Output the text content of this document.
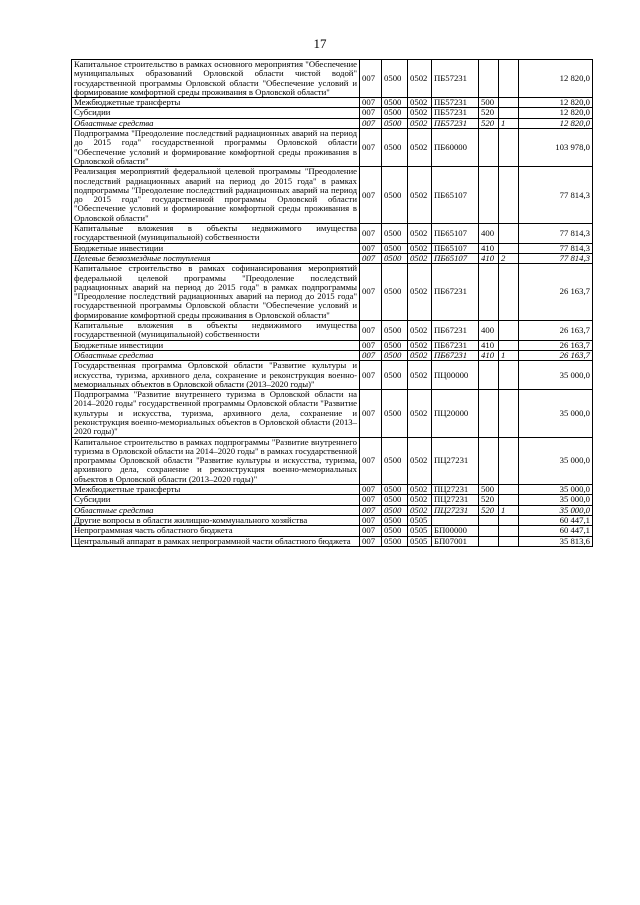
17
Капитальное строительство в рамках основного мероприятия "Обеспечение муниципальных образований Орловской области чистой водой" государственной программы Орловской области "Обеспечение условий и формирование комфортной среды проживания в Орловской области"	007	0500	0502	ПБ57231			12 820,0
Межбюджетные трансферты	007	0500	0502	ПБ57231	500		12 820,0
Субсидии	007	0500	0502	ПБ57231	520		12 820,0
Областные средства	007	0500	0502	ПБ57231	520	1	12 820,0
Подпрограмма "Преодоление последствий радиационных аварий на период до 2015 года" государственной программы Орловской области "Обеспечение условий и формирование комфортной среды проживания в Орловской области"	007	0500	0502	ПБ60000			103 978,0
Реализация мероприятий федеральной целевой программы "Преодоление последствий радиационных аварий на период до 2015 года" в рамках подпрограммы "Преодоление последствий радиационных аварий на период до 2015 года" государственной программы Орловской области "Обеспечение условий и формирование комфортной среды проживания в Орловской области"	007	0500	0502	ПБ65107			77 814,3
Капитальные вложения в объекты недвижимого имущества государственной (муниципальной) собственности	007	0500	0502	ПБ65107	400		77 814,3
Бюджетные инвестиции	007	0500	0502	ПБ65107	410		77 814,3
Целевые безвозмездные поступления	007	0500	0502	ПБ65107	410	2	77 814,3
Капитальное строительство в рамках софинансирования мероприятий федеральной целевой программы "Преодоление последствий радиационных аварий на период до 2015 года" в рамках подпрограммы "Преодоление последствий радиационных аварий на период до 2015 года" государственной программы Орловской области "Обеспечение условий и формирование комфортной среды проживания в Орловской области"	007	0500	0502	ПБ67231			26 163,7
Капитальные вложения в объекты недвижимого имущества государственной (муниципальной) собственности	007	0500	0502	ПБ67231	400		26 163,7
Бюджетные инвестиции	007	0500	0502	ПБ67231	410		26 163,7
Областные средства	007	0500	0502	ПБ67231	410	1	26 163,7
Государственная программа Орловской области "Развитие культуры и искусства, туризма, архивного дела, сохранение и реконструкция военно-мемориальных объектов в Орловской области (2013–2020 годы)"	007	0500	0502	ПЦ00000			35 000,0
Подпрограмма "Развитие внутреннего туризма в Орловской области на 2014–2020 годы" государственной программы Орловской области "Развитие культуры и искусства, туризма, архивного дела, сохранение и реконструкция военно-мемориальных объектов в Орловской области (2013–2020 годы)"	007	0500	0502	ПЦ20000			35 000,0
Капитальное строительство в рамках подпрограммы "Развитие внутреннего туризма в Орловской области на 2014–2020 годы" в рамках государственной программы Орловской области "Развитие культуры и искусства, туризма, архивного дела, сохранение и реконструкция военно-мемориальных объектов в Орловской области (2013–2020 годы)"	007	0500	0502	ПЦ27231			35 000,0
Межбюджетные трансферты	007	0500	0502	ПЦ27231	500		35 000,0
Субсидии	007	0500	0502	ПЦ27231	520		35 000,0
Областные средства	007	0500	0502	ПЦ27231	520	1	35 000,0
Другие вопросы в области жилищно-коммунального хозяйства	007	0500	0505				60 447,1
Непрограммная часть областного бюджета	007	0500	0505	БП00000			60 447,1
Центральный аппарат в рамках непрограммной части областного бюджета	007	0500	0505	БП07001			35 813,6
